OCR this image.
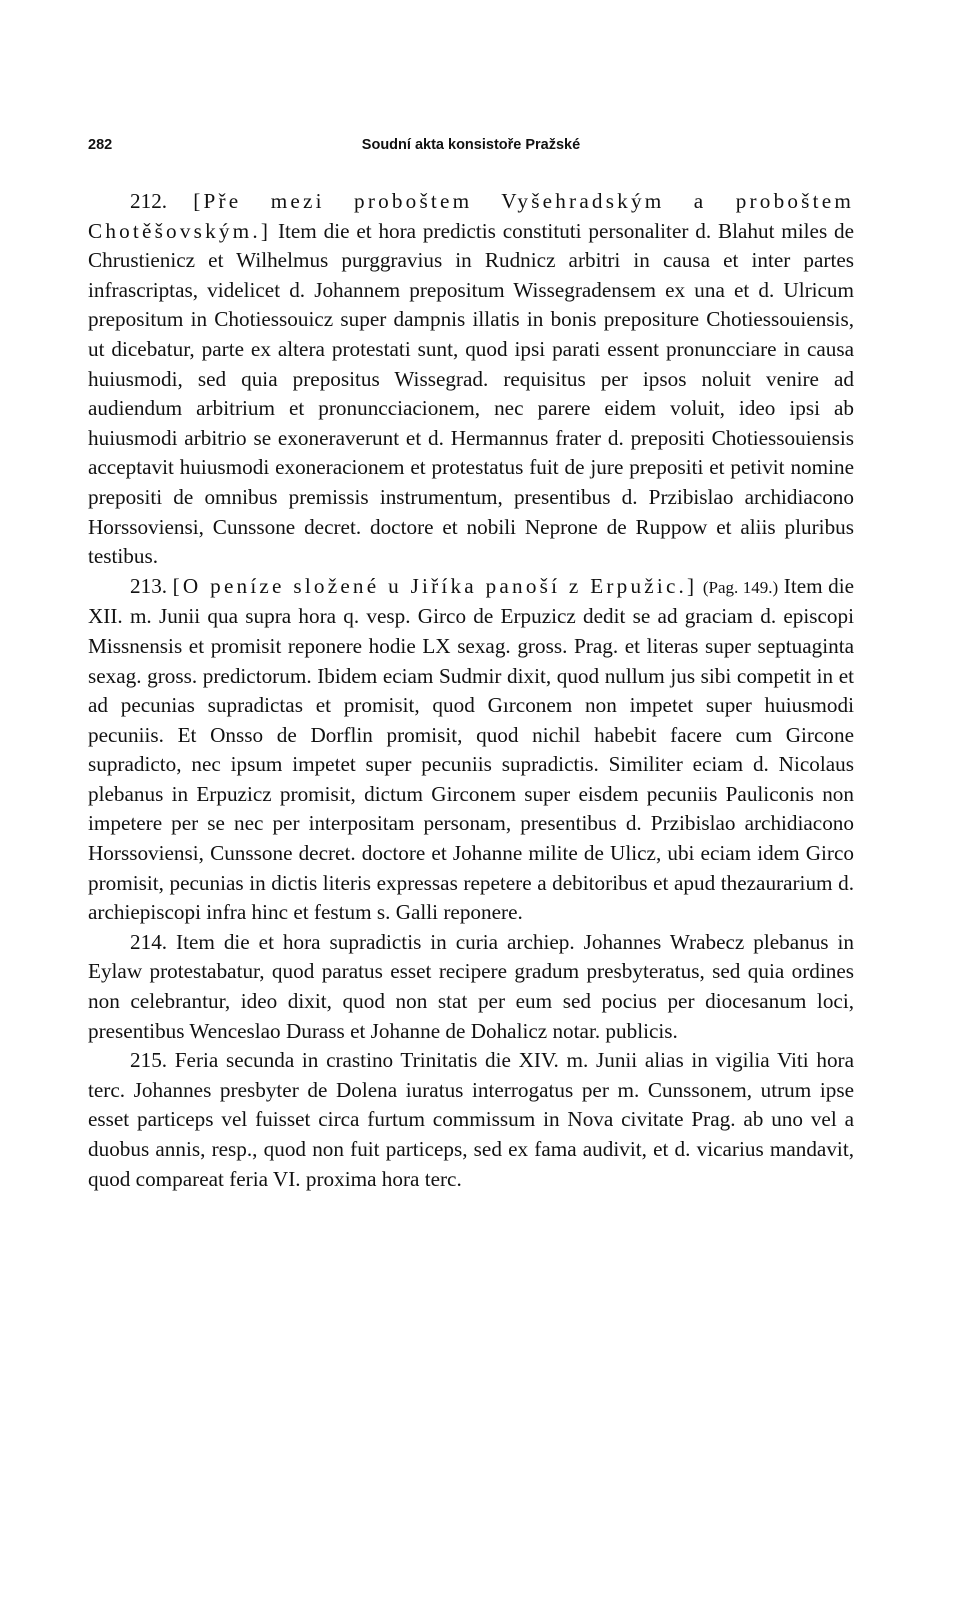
282	Soudní akta konsistoře Pražské

212. [Pře mezi proboštem Vyšehradským a proboštem Chotěšovským.] Item die et hora predictis constituti personaliter d. Blahut miles de Chrustienicz et Wilhelmus purggravius in Rudnicz arbitri in causa et inter partes infrascriptas, videlicet d. Johannem prepositum Wissegradensem ex una et d. Ulricum prepositum in Chotiessouicz super dampnis illatis in bonis prepositure Chotiessouiensis, ut dicebatur, parte ex altera protestati sunt, quod ipsi parati essent pronuncciare in causa huiusmodi, sed quia prepositus Wissegrad. requisitus per ipsos noluit venire ad audiendum arbitrium et pronuncciacionem, nec parere eidem voluit, ideo ipsi ab huiusmodi arbitrio se exoneraverunt et d. Hermannus frater d. prepositi Chotiessouiensis acceptavit huiusmodi exoneracionem et protestatus fuit de jure prepositi et petivit nomine prepositi de omnibus premissis instrumentum, presentibus d. Przibislao archidiacono Horssoviensi, Cunssone decret. doctore et nobili Neprone de Ruppow et aliis pluribus testibus.

213. [O peníze složené u Jiříka panoší z Erpužic.] (Pag. 149.) Item die XII. m. Junii qua supra hora q. vesp. Girco de Erpuzicz dedit se ad graciam d. episcopi Missnensis et promisit reponere hodie LX sexag. gross. Prag. et literas super septuaginta sexag. gross. predictorum. Ibidem eciam Sudmir dixit, quod nullum jus sibi competit in et ad pecunias supradictas et promisit, quod Gırconem non impetet super huiusmodi pecuniis. Et Onsso de Dorflin promisit, quod nichil habebit facere cum Gircone supradicto, nec ipsum impetet super pecuniis supradictis. Similiter eciam d. Nicolaus plebanus in Erpuzicz promisit, dictum Girconem super eisdem pecuniis Pauliconis non impetere per se nec per interpositam personam, presentibus d. Przibislao archidiacono Horssoviensi, Cunssone decret. doctore et Johanne milite de Ulicz, ubi eciam idem Girco promisit, pecunias in dictis literis expressas repetere a debitoribus et apud thezaurarium d. archiepiscopi infra hinc et festum s. Galli reponere.

214. Item die et hora supradictis in curia archiep. Johannes Wrabecz plebanus in Eylaw protestabatur, quod paratus esset recipere gradum presbyteratus, sed quia ordines non celebrantur, ideo dixit, quod non stat per eum sed pocius per diocesanum loci, presentibus Wenceslao Durass et Johanne de Dohalicz notar. publicis.

215. Feria secunda in crastino Trinitatis die XIV. m. Junii alias in vigilia Viti hora terc. Johannes presbyter de Dolena iuratus interrogatus per m. Cunssonem, utrum ipse esset particeps vel fuisset circa furtum commissum in Nova civitate Prag. ab uno vel a duobus annis, resp., quod non fuit particeps, sed ex fama audivit, et d. vicarius mandavit, quod compareat feria VI. proxima hora terc.
